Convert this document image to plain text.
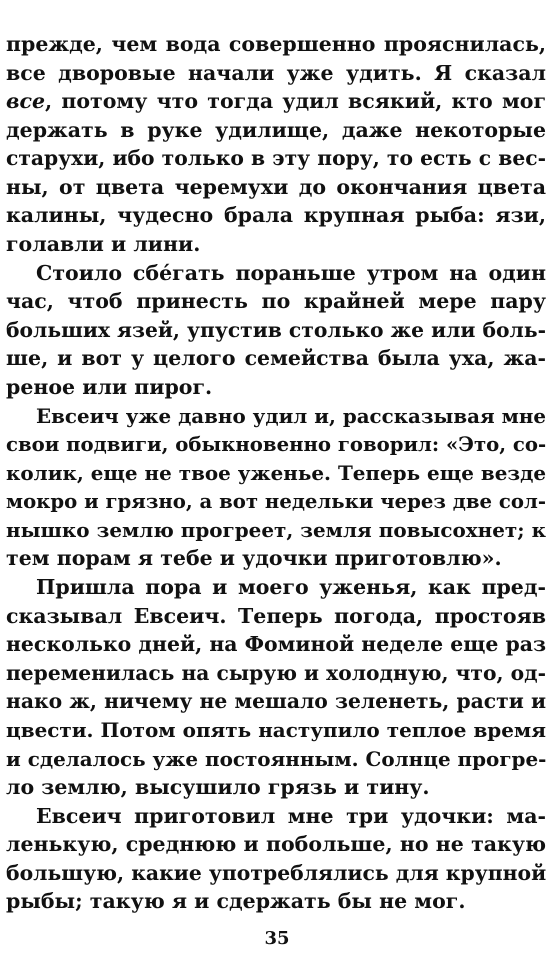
прежде, чем вода совершенно прояснилась,
все дворовые начали уже удить. Я сказал
все, потому что тогда удил всякий, кто мог
держать в руке удилище, даже некоторые
старухи, ибо только в эту пору, то есть с вес-
ны, от цвета черемухи до окончания цвета
калины, чудесно брала крупная рыба: язи,
голавли и лини.
Стоило сбе́гать пораньше утром на один
час, чтоб принесть по крайней мере пару
больших язей, упустив столько же или боль-
ше, и вот у целого семейства была уха, жа-
реное или пирог.
Евсеич уже давно удил и, рассказывая мне
свои подвиги, обыкновенно говорил: «Это, со-
колик, еще не твое уженье. Теперь еще везде
мокро и грязно, а вот недельки через две сол-
нышко землю прогреет, земля повысохнет; к
тем порам я тебе и удочки приготовлю».
Пришла пора и моего уженья, как пред-
сказывал Евсеич. Теперь погода, простояв
несколько дней, на Фоминой неделе еще раз
переменилась на сырую и холодную, что, од-
нако ж, ничему не мешало зеленеть, расти и
цвести. Потом опять наступило теплое время
и сделалось уже постоянным. Солнце прогре-
ло землю, высушило грязь и тину.
Евсеич приготовил мне три удочки: ма-
ленькую, среднюю и побольше, но не такую
большую, какие употреблялись для крупной
рыбы; такую я и сдержать бы не мог.
35
